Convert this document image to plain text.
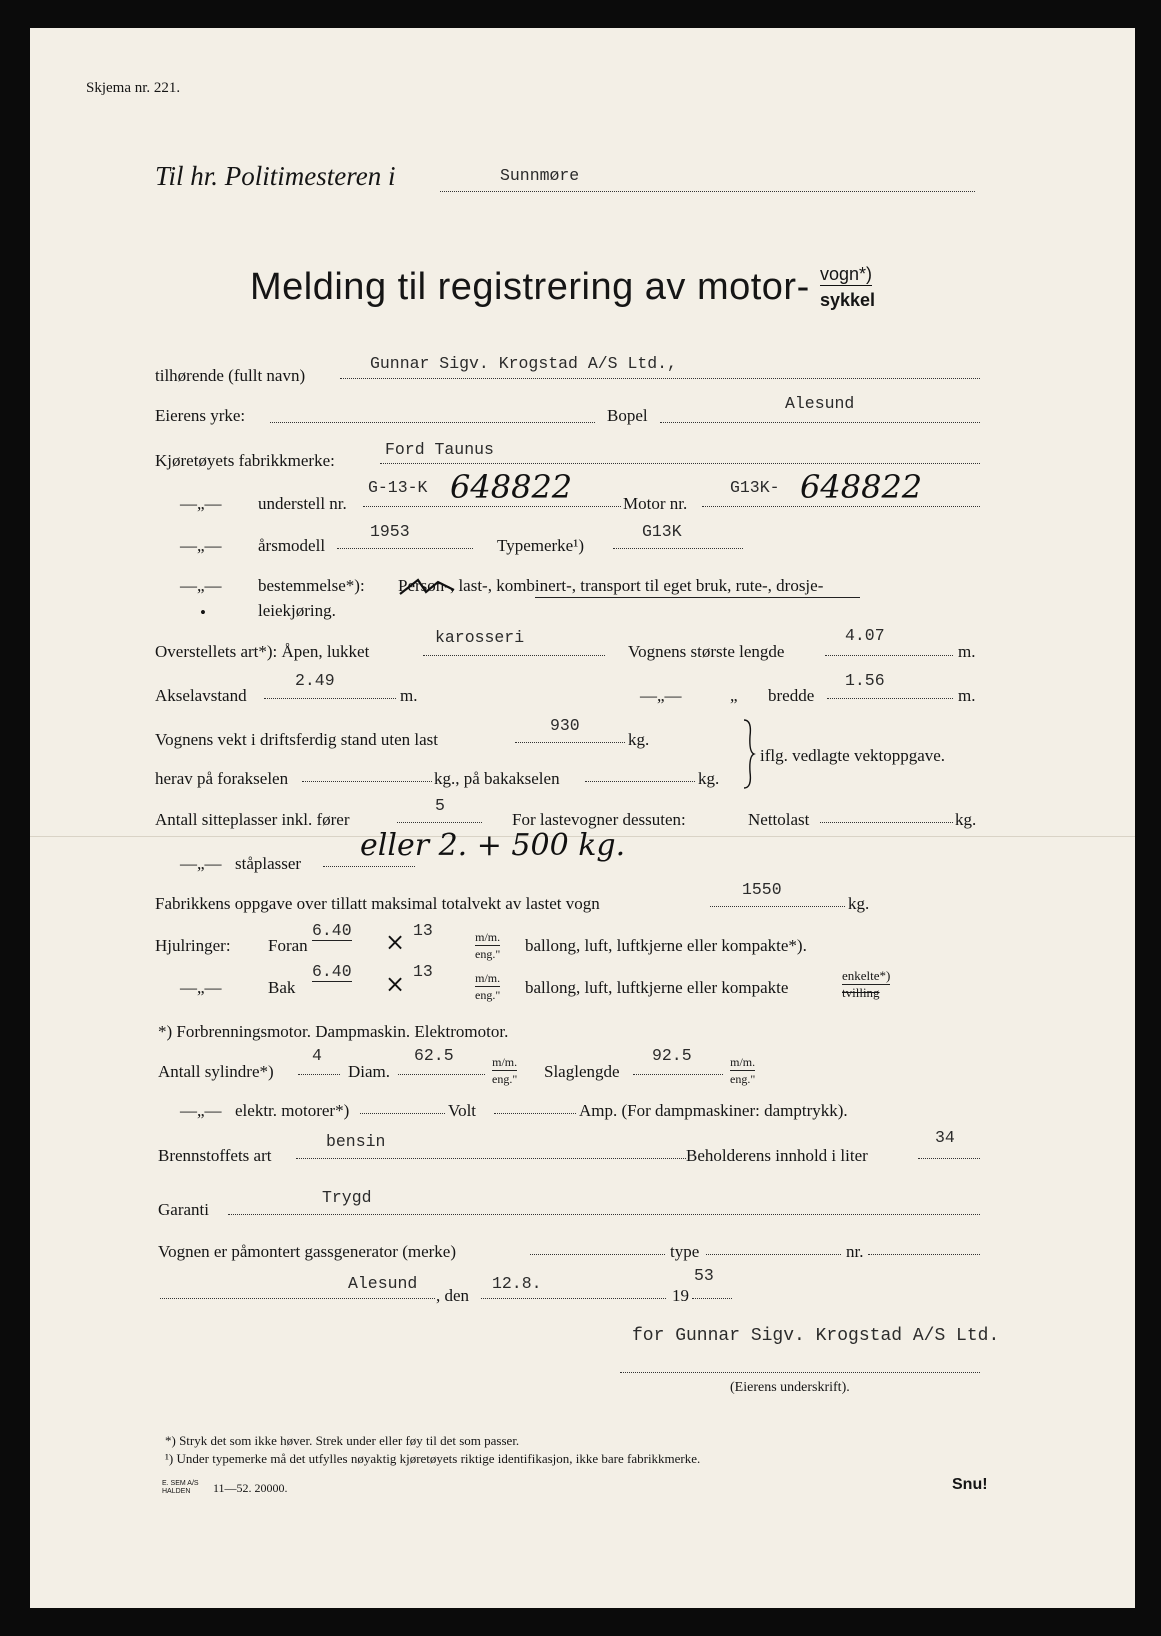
Skjema nr. 221.
Til hr. Politimesteren i	Sunnmøre
Melding til registrering av motor- vogn*)
sykkel
tilhørende (fullt navn)
Gunnar Sigv. Krogstad A/S Ltd.,
Eierens yrke:	Bopel
Alesund
Kjøretøyets fabrikkmerke:
Ford Taunus
—„— understell nr.
G-13-K 648822	Motor nr.
G13K- 648822
—„— årsmodell
1953
Typemerke¹)
G13K
—„— bestemmelse*): Person-, last-, kombinert-, transport til eget bruk, rute-, drosje-
•	leiekjøring.
Overstellets art*): Åpen, lukket
karosseri
Vognens største lengde
4.07
m.
Akselavstand
2.49
m.	—„—	„ bredde
1.56
m.
Vognens vekt i driftsferdig stand uten last
930
kg.
herav på forakselen	kg., på bakakselen	kg.
iflg. vedlagte vektoppgave.
Antall sitteplasser inkl. fører
5
For lastevogner dessuten:	Nettolast	kg.
—„— ståplasser
eller 2. + 500 kg.
Fabrikkens oppgave over tillatt maksimal totalvekt av lastet vogn
1550
kg.
Hjulringer: Foran
6.40 × 13	m/m.
eng." ballong, luft, luftkjerne eller kompakte*).
—„—	Bak
6.40 × 13	m/m.
eng." ballong, luft, luftkjerne eller kompakte
enkelte*)
tvilling
*) Forbrenningsmotor. Dampmaskin. Elektromotor.
Antall sylindre*)
4
Diam.
62.5	m/m.
eng." Slaglengde
92.5	m/m.
eng."
—„— elektr. motorer*)	Volt	Amp. (For dampmaskiner: damptrykk).
Brennstoffets art
bensin
Beholderens innhold i liter
34
Garanti
Trygd
Vognen er påmontert gassgenerator (merke)	type	nr.
Alesund
, den
12.8.
19
53
for Gunnar Sigv. Krogstad A/S Ltd.
(Eierens underskrift).
*) Stryk det som ikke høver. Strek under eller føy til det som passer.
¹) Under typemerke må det utfylles nøyaktig kjøretøyets riktige identifikasjon, ikke bare fabrikkmerke.
E. SEM A/S
HALDEN	11—52. 20000.	Snu!
